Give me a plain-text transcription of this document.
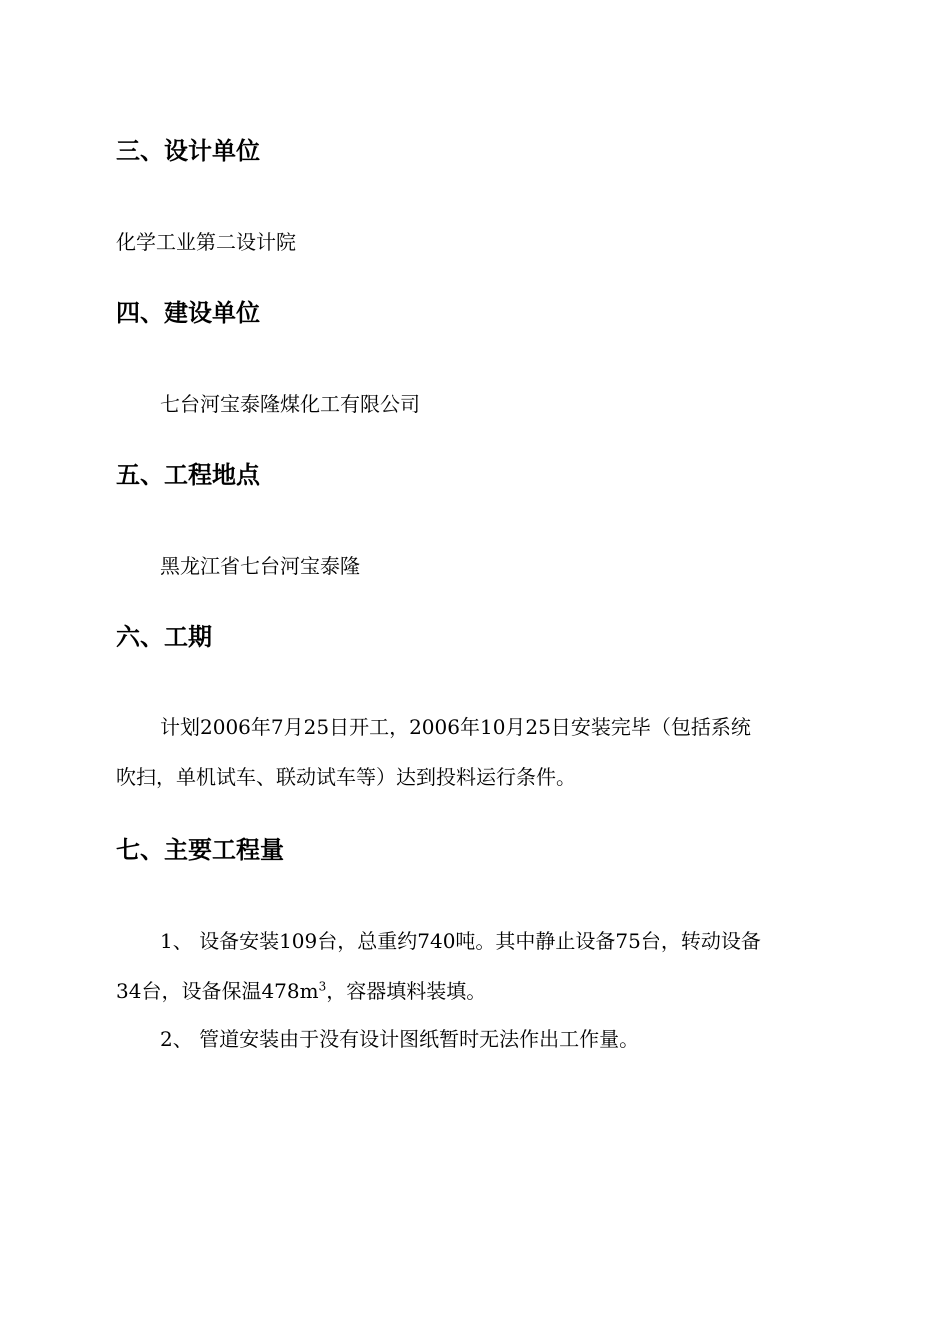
三、设计单位
化学工业第二设计院
四、建设单位
七台河宝泰隆煤化工有限公司
五、工程地点
黑龙江省七台河宝泰隆
六、工期
计划2006年7月25日开工，2006年10月25日安装完毕（包括系统
吹扫，单机试车、联动试车等）达到投料运行条件。
七、主要工程量
1、 设备安装109台，总重约740吨。其中静止设备75台，转动设备
34台，设备保温$478m^3$，容器填料装填。
2、 管道安装由于没有设计图纸暂时无法作出工作量。
